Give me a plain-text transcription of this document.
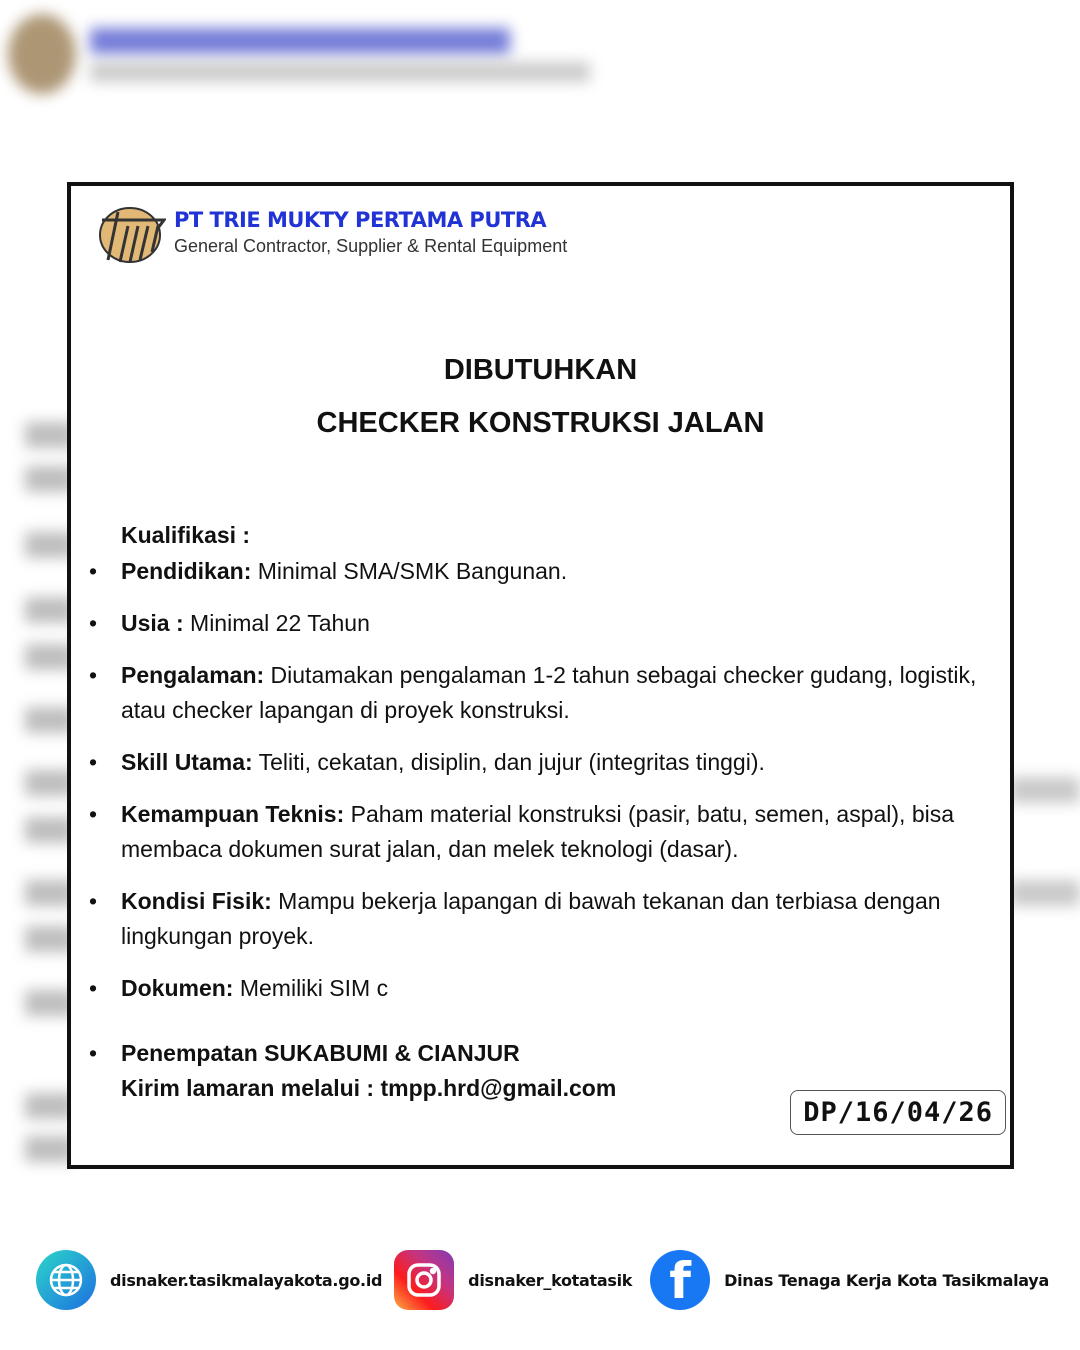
PT TRIE MUKTY PERTAMA PUTRA
General Contractor, Supplier & Rental Equipment
DIBUTUHKAN
CHECKER KONSTRUKSI JALAN
Kualifikasi :
• Pendidikan: Minimal SMA/SMK Bangunan.
• Usia : Minimal 22 Tahun
• Pengalaman: Diutamakan pengalaman 1-2 tahun sebagai checker gudang, logistik, atau checker lapangan di proyek konstruksi.
• Skill Utama: Teliti, cekatan, disiplin, dan jujur (integritas tinggi).
• Kemampuan Teknis: Paham material konstruksi (pasir, batu, semen, aspal), bisa membaca dokumen surat jalan, dan melek teknologi (dasar).
• Kondisi Fisik: Mampu bekerja lapangan di bawah tekanan dan terbiasa dengan lingkungan proyek.
• Dokumen: Memiliki SIM c
• Penempatan SUKABUMI & CIANJUR
Kirim lamaran melalui : tmpp.hrd@gmail.com
DP/16/04/26
disnaker.tasikmalayakota.go.id	disnaker_kotatasik f	Dinas Tenaga Kerja Kota Tasikmalaya
